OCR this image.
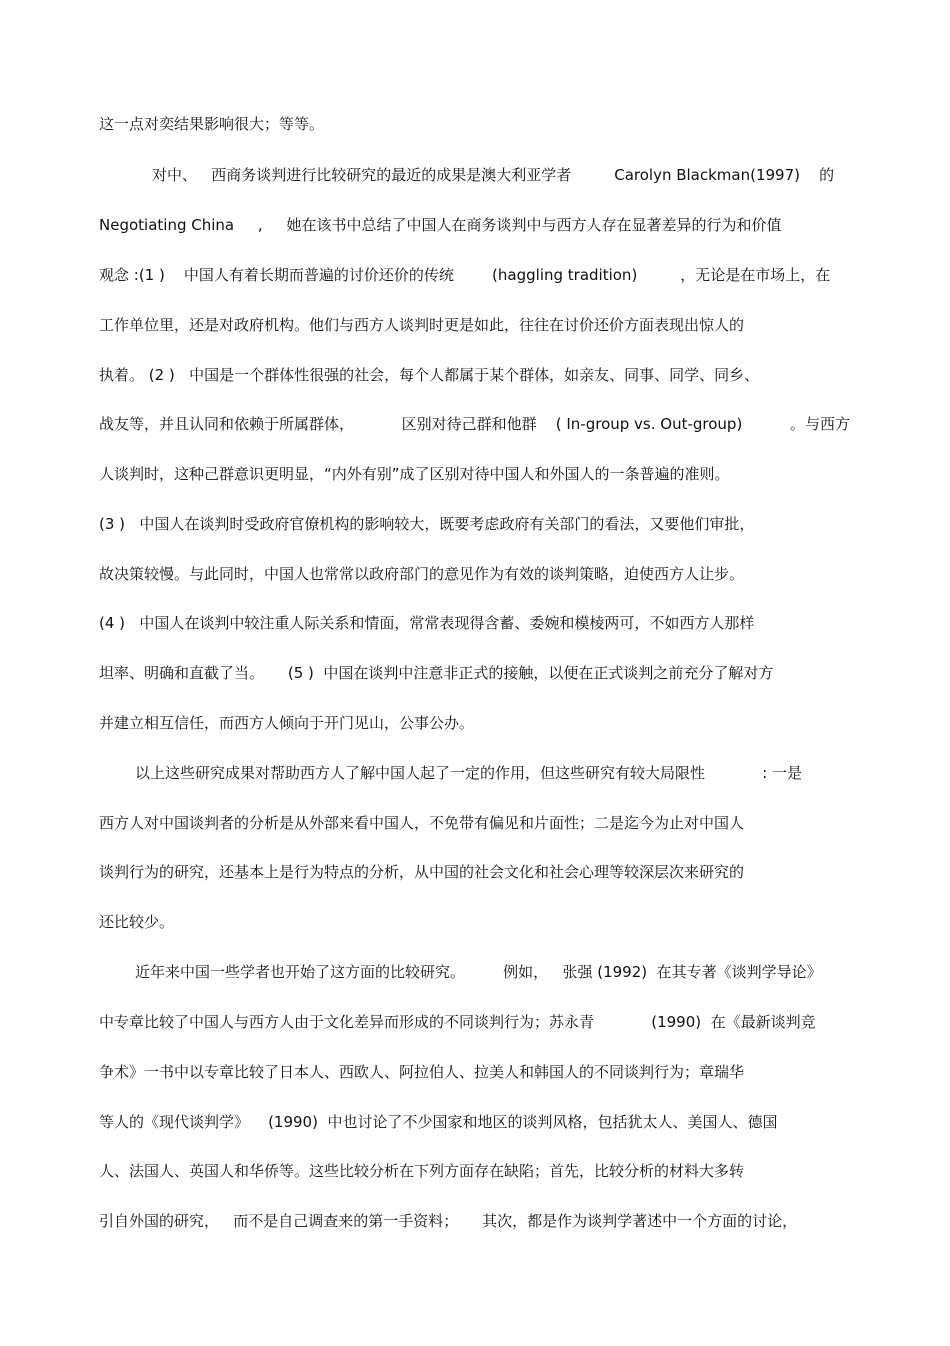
这一点对奕结果影响很大；等等。
对中、   西商务谈判进行比较研究的最近的成果是澳大利亚学者         Carolyn Blackman(1997)    的
Negotiating China     ,     她在该书中总结了中国人在商务谈判中与西方人存在显著差异的行为和价值
观念 :(1 )    中国人有着长期而普遍的讨价还价的传统        (haggling tradition)         ，无论是在市场上，在
工作单位里，还是对政府机构。他们与西方人谈判时更是如此，往往在讨价还价方面表现出惊人的
执着。 (2 )   中国是一个群体性很强的社会，每个人都属于某个群体，如亲友、同事、同学、同乡、
战友等，并且认同和依赖于所属群体，          区别对待己群和他群    ( In-group vs. Out-group)          。与西方
人谈判时，这种己群意识更明显，“内外有别”成了区别对待中国人和外国人的一条普遍的准则。
(3 )   中国人在谈判时受政府官僚机构的影响较大，既要考虑政府有关部门的看法，又要他们审批，
故决策较慢。与此同时，中国人也常常以政府部门的意见作为有效的谈判策略，迫使西方人让步。
(4 )   中国人在谈判中较注重人际关系和情面，常常表现得含蓄、委婉和模棱两可，不如西方人那样
坦率、明确和直截了当。     (5 )  中国在谈判中注意非正式的接触，以便在正式谈判之前充分了解对方
并建立相互信任，而西方人倾向于开门见山，公事公办。
以上这些研究成果对帮助西方人了解中国人起了一定的作用，但这些研究有较大局限性            : 一是
西方人对中国谈判者的分析是从外部来看中国人，不免带有偏见和片面性；二是迄今为止对中国人
谈判行为的研究，还基本上是行为特点的分析，从中国的社会文化和社会心理等较深层次来研究的
还比较少。
近年来中国一些学者也开始了这方面的比较研究。        例如，   张强 (1992)  在其专著《谈判学导论》
中专章比较了中国人与西方人由于文化差异而形成的不同谈判行为；苏永青            (1990)  在《最新谈判竞
争术》一书中以专章比较了日本人、西欧人、阿拉伯人、拉美人和韩国人的不同谈判行为；章瑞华
等人的《现代谈判学》    (1990)  中也讨论了不少国家和地区的谈判风格，包括犹太人、美国人、德国
人、法国人、英国人和华侨等。这些比较分析在下列方面存在缺陷；首先，比较分析的材料大多转
引自外国的研究，   而不是自己调查来的第一手资料；     其次，都是作为谈判学著述中一个方面的讨论，
